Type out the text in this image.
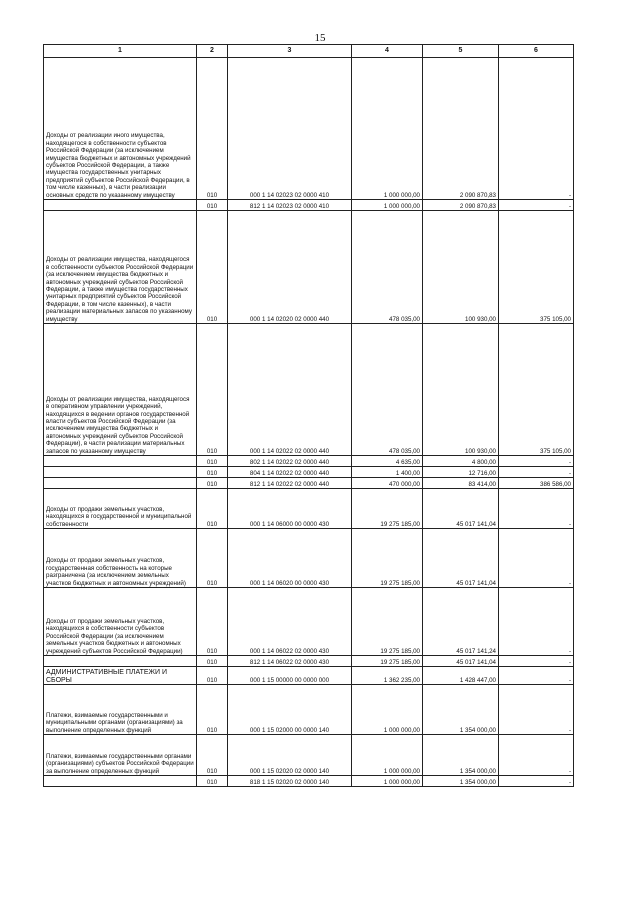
15
1	2	3	4	5	6
Доходы от реализации иного имущества, находящегося в собственности субъектов Российской Федерации (за исключением имущества бюджетных и автономных учреждений субъектов Российской Федерации, а также имущества государственных унитарных предприятий субъектов Российской Федерации, в том числе казенных), в части реализации основных средств по указанному имуществу	010	000 1 14 02023 02 0000 410	1 000 000,00	2 090 870,83	-
	010	812 1 14 02023 02 0000 410	1 000 000,00	2 090 870,83	-
Доходы от реализации имущества, находящегося в собственности субъектов Российской Федерации (за исключением имущества бюджетных и автономных учреждений субъектов Российской Федерации, а также имущества государственных унитарных предприятий субъектов Российской Федерации, в том числе казенных), в части реализации материальных запасов по указанному имуществу	010	000 1 14 02020 02 0000 440	478 035,00	100 930,00	375 105,00
Доходы от реализации имущества, находящегося в оперативном управлении учреждений, находящихся в ведении органов государственной власти субъектов Российской Федерации (за исключением имущества бюджетных и автономных учреждений субъектов Российской Федерации), в части реализации материальных запасов по указанному имуществу	010	000 1 14 02022 02 0000 440	478 035,00	100 930,00	375 105,00
	010	802 1 14 02022 02 0000 440	4 635,00	4 800,00	-
	010	804 1 14 02022 02 0000 440	1 400,00	12 716,00	-
	010	812 1 14 02022 02 0000 440	470 000,00	83 414,00	386 586,00
Доходы от продажи земельных участков, находящихся в государственной и муниципальной собственности	010	000 1 14 06000 00 0000 430	19 275 185,00	45 017 141,04	-
Доходы от продажи земельных участков, государственная собственность на которые разграничена (за исключением земельных участков бюджетных и автономных учреждений)	010	000 1 14 06020 00 0000 430	19 275 185,00	45 017 141,04	-
Доходы от продажи земельных участков, находящихся в собственности субъектов Российской Федерации (за исключением земельных участков бюджетных и автономных учреждений субъектов Российской Федерации)	010	000 1 14 06022 02 0000 430	19 275 185,00	45 017 141,24	-
	010	812 1 14 06022 02 0000 430	19 275 185,00	45 017 141,04	-
АДМИНИСТРАТИВНЫЕ ПЛАТЕЖИ И СБОРЫ	010	000 1 15 00000 00 0000 000	1 362 235,00	1 428 447,00	-
Платежи, взимаемые государственными и муниципальными органами (организациями) за выполнение определенных функций	010	000 1 15 02000 00 0000 140	1 000 000,00	1 354 000,00	-
Платежи, взимаемые государственными органами (организациями) субъектов Российской Федерации за выполнение определенных функций	010	000 1 15 02020 02 0000 140	1 000 000,00	1 354 000,00	-
	010	818 1 15 02020 02 0000 140	1 000 000,00	1 354 000,00	-
